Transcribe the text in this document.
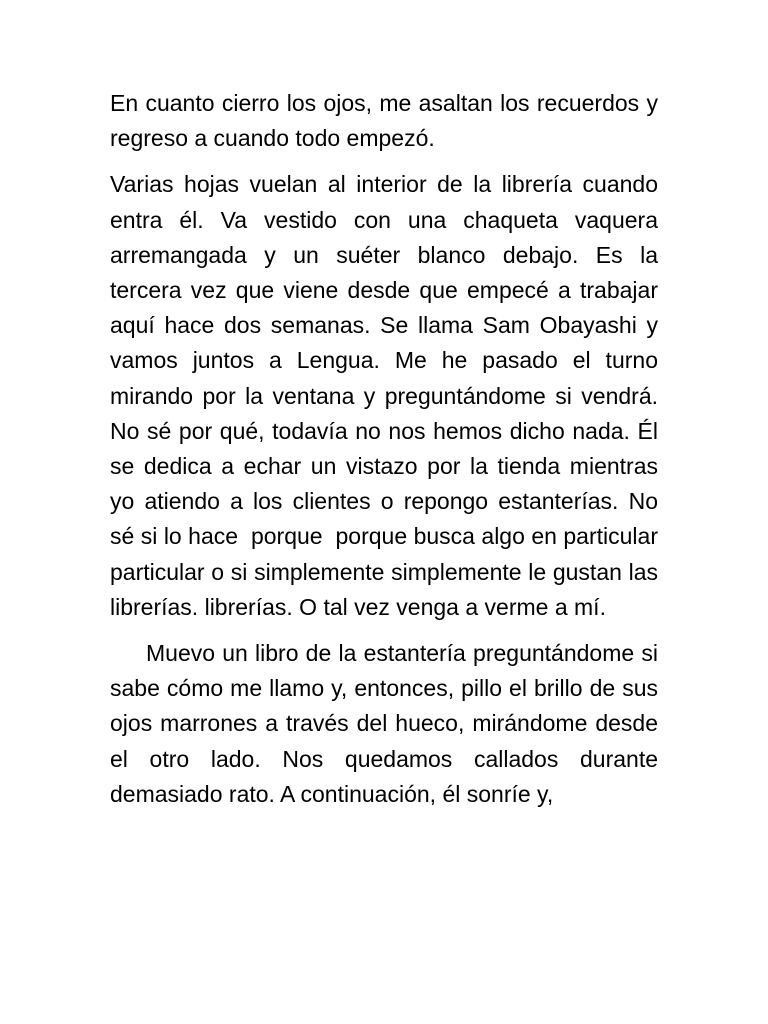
En cuanto cierro los ojos, me asaltan los recuerdos y regreso a cuando todo empezó.

Varias hojas vuelan al interior de la librería cuando entra él. Va vestido con una chaqueta vaquera arremangada y un suéter blanco debajo. Es la tercera vez que viene desde que empecé a trabajar aquí hace dos semanas. Se llama Sam Obayashi y vamos juntos a Lengua. Me he pasado el turno mirando por la ventana y preguntándome si vendrá. No sé por qué, todavía no nos hemos dicho nada. Él se dedica a echar un vistazo por la tienda mientras yo atiendo a los clientes o repongo estanterías. No sé si lo hace  porque  porque busca algo en particular particular o si simplemente simplemente le gustan las librerías. librerías. O tal vez venga a verme a mí.

Muevo un libro de la estantería preguntándome si sabe cómo me llamo y, entonces, pillo el brillo de sus ojos marrones a través del hueco, mirándome desde el otro lado. Nos quedamos callados durante demasiado rato. A continuación, él sonríe y,
